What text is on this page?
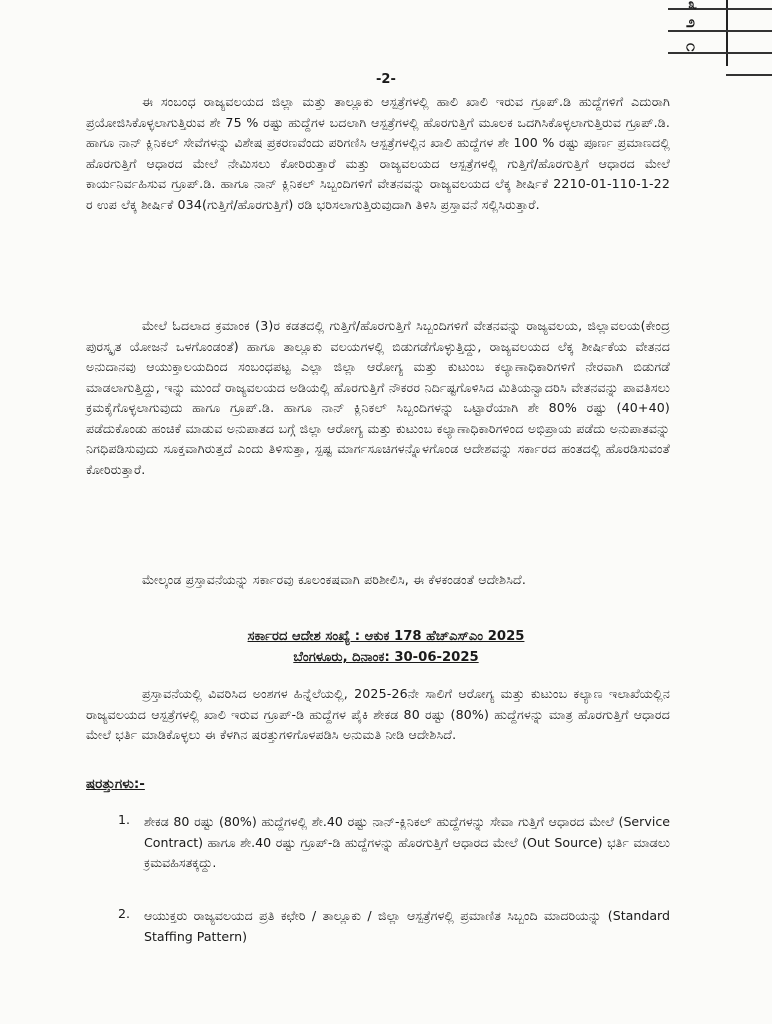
೩
೨
೧
-2-

ಈ ಸಂಬಂಧ ರಾಜ್ಯವಲಯದ ಜಿಲ್ಲಾ ಮತ್ತು ತಾಲ್ಲೂಕು ಆಸ್ಪತ್ರೆಗಳಲ್ಲಿ ಹಾಲಿ ಖಾಲಿ ಇರುವ ಗ್ರೂಪ್.ಡಿ ಹುದ್ದೆಗಳಿಗೆ ಎದುರಾಗಿ ಪ್ರಯೋಜಿಸಿಕೊಳ್ಳಲಾಗುತ್ತಿರುವ ಶೇ 75 % ರಷ್ಟು ಹುದ್ದೆಗಳ ಬದಲಾಗಿ ಆಸ್ಪತ್ರೆಗಳಲ್ಲಿ ಹೊರಗುತ್ತಿಗೆ ಮೂಲಕ ಒದಗಿಸಿಕೊಳ್ಳಲಾಗುತ್ತಿರುವ ಗ್ರೂಪ್.ಡಿ. ಹಾಗೂ ನಾನ್ ಕ್ಲಿನಿಕಲ್ ಸೇವೆಗಳನ್ನು ವಿಶೇಷ ಪ್ರಕರಣವೆಂದು ಪರಿಗಣಿಸಿ ಆಸ್ಪತ್ರೆಗಳಲ್ಲಿನ ಖಾಲಿ ಹುದ್ದೆಗಳ ಶೇ 100 % ರಷ್ಟು ಪೂರ್ಣ ಪ್ರಮಾಣದಲ್ಲಿ ಹೊರಗುತ್ತಿಗೆ ಆಧಾರದ ಮೇಲೆ ನೇಮಿಸಲು ಕೋರಿರುತ್ತಾರೆ ಮತ್ತು ರಾಜ್ಯವಲಯದ ಆಸ್ಪತ್ರೆಗಳಲ್ಲಿ ಗುತ್ತಿಗೆ/ಹೊರಗುತ್ತಿಗೆ ಆಧಾರದ ಮೇಲೆ ಕಾರ್ಯನಿರ್ವಹಿಸುವ ಗ್ರೂಪ್.ಡಿ. ಹಾಗೂ ನಾನ್ ಕ್ಲಿನಿಕಲ್ ಸಿಬ್ಬಂದಿಗಳಿಗೆ ವೇತನವನ್ನು ರಾಜ್ಯವಲಯದ ಲೆಕ್ಕ ಶೀರ್ಷಿಕೆ 2210-01-110-1-22 ರ ಉಪ ಲೆಕ್ಕ ಶೀರ್ಷಿಕೆ 034(ಗುತ್ತಿಗೆ/ಹೊರಗುತ್ತಿಗೆ) ರಡಿ ಭರಿಸಲಾಗುತ್ತಿರುವುದಾಗಿ ತಿಳಿಸಿ ಪ್ರಸ್ತಾವನೆ ಸಲ್ಲಿಸಿರುತ್ತಾರೆ.

ಮೇಲೆ ಓದಲಾದ ಕ್ರಮಾಂಕ (3)ರ ಕಡತದಲ್ಲಿ ಗುತ್ತಿಗೆ/ಹೊರಗುತ್ತಿಗೆ ಸಿಬ್ಬಂದಿಗಳಿಗೆ ವೇತನವನ್ನು ರಾಜ್ಯವಲಯ, ಜಿಲ್ಲಾವಲಯ(ಕೇಂದ್ರ ಪುರಸ್ಕೃತ ಯೋಜನೆ ಒಳಗೊಂಡಂತೆ) ಹಾಗೂ ತಾಲ್ಲೂಕು ವಲಯಗಳಲ್ಲಿ ಬಿಡುಗಡೆಗೊಳ್ಳುತ್ತಿದ್ದು, ರಾಜ್ಯವಲಯದ ಲೆಕ್ಕ ಶೀರ್ಷಿಕೆಯ ವೇತನದ ಅನುದಾನವು ಆಯುಕ್ತಾಲಯದಿಂದ ಸಂಬಂಧಪಟ್ಟ ಎಲ್ಲಾ ಜಿಲ್ಲಾ ಆರೋಗ್ಯ ಮತ್ತು ಕುಟುಂಬ ಕಲ್ಯಾಣಾಧಿಕಾರಿಗಳಿಗೆ ನೇರವಾಗಿ ಬಿಡುಗಡೆ ಮಾಡಲಾಗುತ್ತಿದ್ದು, ಇನ್ನು ಮುಂದೆ ರಾಜ್ಯವಲಯದ ಅಡಿಯಲ್ಲಿ ಹೊರಗುತ್ತಿಗೆ ನೌಕರರ ನಿರ್ದಿಷ್ಟಗೊಳಿಸಿದ ಮಿತಿಯನ್ವಾದರಿಸಿ ವೇತನವನ್ನು ಪಾವತಿಸಲು ಕ್ರಮಕೈಗೊಳ್ಳಲಾಗುವುದು ಹಾಗೂ ಗ್ರೂಪ್.ಡಿ. ಹಾಗೂ ನಾನ್ ಕ್ಲಿನಿಕಲ್ ಸಿಬ್ಬಂದಿಗಳನ್ನು ಒಟ್ಟಾರೆಯಾಗಿ ಶೇ 80% ರಷ್ಟು (40+40) ಪಡೆದುಕೊಂಡು ಹಂಚಿಕೆ ಮಾಡುವ ಅನುಪಾತದ ಬಗ್ಗೆ ಜಿಲ್ಲಾ ಆರೋಗ್ಯ ಮತ್ತು ಕುಟುಂಬ ಕಲ್ಯಾಣಾಧಿಕಾರಿಗಳಿಂದ ಅಭಿಪ್ರಾಯ ಪಡೆದು ಅನುಪಾತವನ್ನು ನಿಗಧಿಪಡಿಸುವುದು ಸೂಕ್ತವಾಗಿರುತ್ತದೆ ಎಂದು ತಿಳಿಸುತ್ತಾ, ಸ್ಪಷ್ಟ ಮಾರ್ಗಸೂಚಿಗಳನ್ನೊಳಗೊಂಡ ಆದೇಶವನ್ನು ಸರ್ಕಾರದ ಹಂತದಲ್ಲಿ ಹೊರಡಿಸುವಂತೆ ಕೋರಿರುತ್ತಾರೆ.

ಮೇಲ್ಕಂಡ ಪ್ರಸ್ತಾವನೆಯನ್ನು ಸರ್ಕಾರವು ಕೂಲಂಕಷವಾಗಿ ಪರಿಶೀಲಿಸಿ, ಈ ಕೆಳಕಂಡಂತೆ ಆದೇಶಿಸಿದೆ.

ಸರ್ಕಾರದ ಆದೇಶ ಸಂಖ್ಯೆ : ಆಕುಕ 178 ಹೆಚ್‌ಎಸ್‌ಎಂ 2025
ಬೆಂಗಳೂರು, ದಿನಾಂಕ: 30-06-2025

ಪ್ರಸ್ತಾವನೆಯಲ್ಲಿ ವಿವರಿಸಿದ ಅಂಶಗಳ ಹಿನ್ನೆಲೆಯಲ್ಲಿ, 2025-26ನೇ ಸಾಲಿಗೆ ಆರೋಗ್ಯ ಮತ್ತು ಕುಟುಂಬ ಕಲ್ಯಾಣ ಇಲಾಖೆಯಲ್ಲಿನ ರಾಜ್ಯವಲಯದ ಆಸ್ಪತ್ರೆಗಳಲ್ಲಿ ಖಾಲಿ ಇರುವ ಗ್ರೂಪ್-ಡಿ ಹುದ್ದೆಗಳ ಪೈಕಿ ಶೇಕಡ 80 ರಷ್ಟು (80%) ಹುದ್ದೆಗಳನ್ನು ಮಾತ್ರ ಹೊರಗುತ್ತಿಗೆ ಆಧಾರದ ಮೇಲೆ ಭರ್ತಿ ಮಾಡಿಕೊಳ್ಳಲು ಈ ಕೆಳಗಿನ ಷರತ್ತುಗಳಿಗೊಳಪಡಿಸಿ ಅನುಮತಿ ನೀಡಿ ಆದೇಶಿಸಿದೆ.

ಷರತ್ತುಗಳು:-
1. ಶೇಕಡ 80 ರಷ್ಟು (80%) ಹುದ್ದೆಗಳಲ್ಲಿ ಶೇ.40 ರಷ್ಟು ನಾನ್-ಕ್ಲಿನಿಕಲ್ ಹುದ್ದೆಗಳನ್ನು ಸೇವಾ ಗುತ್ತಿಗೆ ಆಧಾರದ ಮೇಲೆ (Service Contract) ಹಾಗೂ ಶೇ.40 ರಷ್ಟು ಗ್ರೂಪ್-ಡಿ ಹುದ್ದೆಗಳನ್ನು ಹೊರಗುತ್ತಿಗೆ ಆಧಾರದ ಮೇಲೆ (Out Source) ಭರ್ತಿ ಮಾಡಲು ಕ್ರಮವಹಿಸತಕ್ಕದ್ದು.

2. ಆಯುಕ್ತರು ರಾಜ್ಯವಲಯದ ಪ್ರತಿ ಕಛೇರಿ / ತಾಲ್ಲೂಕು / ಜಿಲ್ಲಾ ಆಸ್ಪತ್ರೆಗಳಲ್ಲಿ ಪ್ರಮಾಣಿತ ಸಿಬ್ಬಂದಿ ಮಾದರಿಯನ್ನು (Standard Staffing Pattern)
